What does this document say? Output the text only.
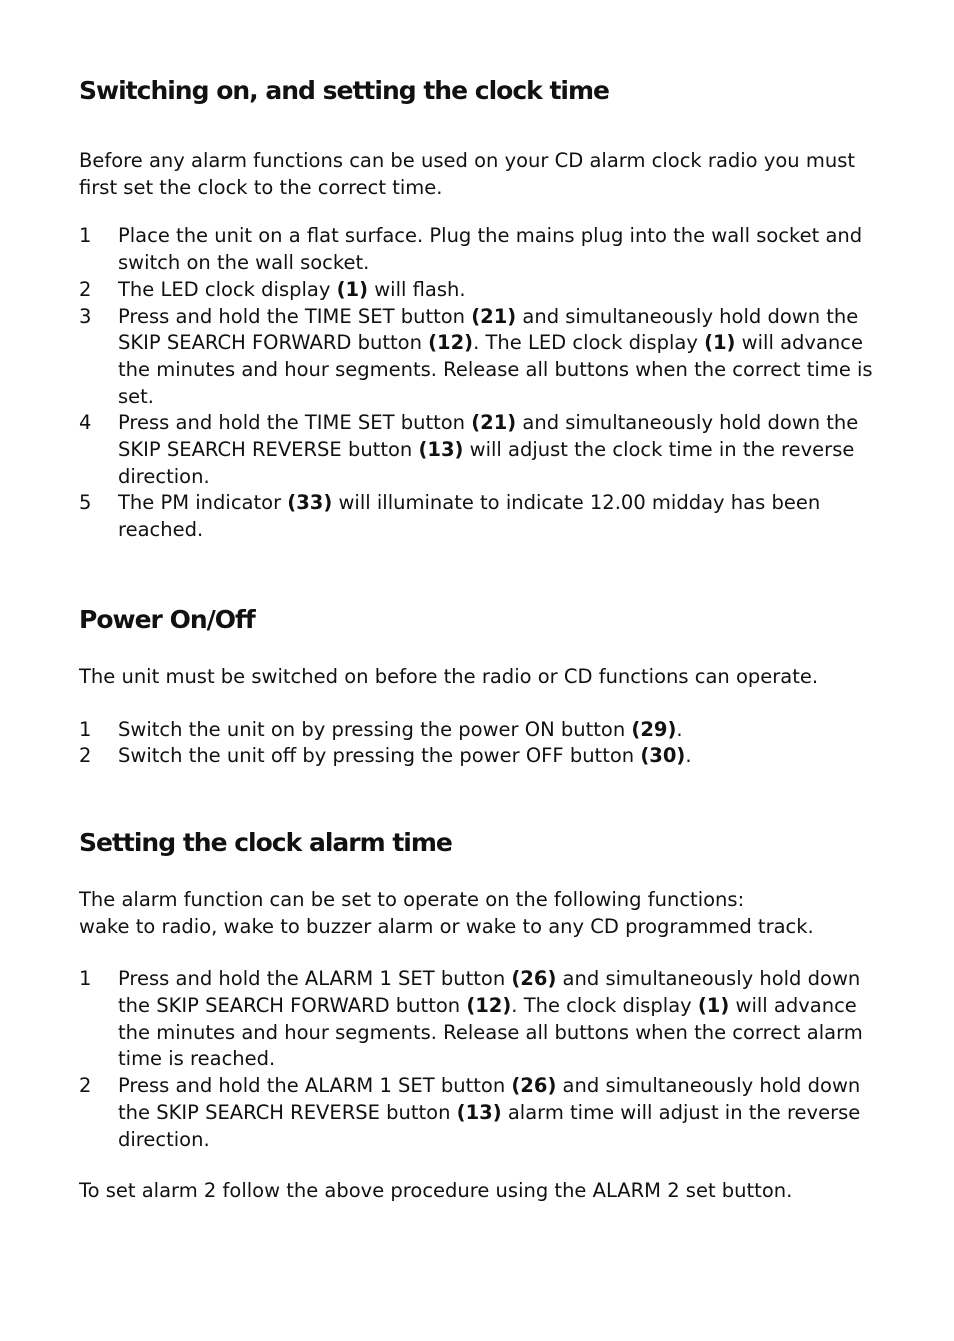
Switching on, and setting the clock time

Before any alarm functions can be used on your CD alarm clock radio you must first set the clock to the correct time.

1 Place the unit on a flat surface. Plug the mains plug into the wall socket and switch on the wall socket.
2 The LED clock display (1) will flash.
3 Press and hold the TIME SET button (21) and simultaneously hold down the SKIP SEARCH FORWARD button (12). The LED clock display (1) will advance the minutes and hour segments. Release all buttons when the correct time is set.
4 Press and hold the TIME SET button (21) and simultaneously hold down the SKIP SEARCH REVERSE button (13) will adjust the clock time in the reverse direction.
5 The PM indicator (33) will illuminate to indicate 12.00 midday has been reached.
Power On/Off

The unit must be switched on before the radio or CD functions can operate.

1 Switch the unit on by pressing the power ON button (29).
2 Switch the unit off by pressing the power OFF button (30).
Setting the clock alarm time

The alarm function can be set to operate on the following functions:
wake to radio, wake to buzzer alarm or wake to any CD programmed track.

1 Press and hold the ALARM 1 SET button (26) and simultaneously hold down the SKIP SEARCH FORWARD button (12). The clock display (1) will advance the minutes and hour segments. Release all buttons when the correct alarm time is reached.
2 Press and hold the ALARM 1 SET button (26) and simultaneously hold down the SKIP SEARCH REVERSE button (13) alarm time will adjust in the reverse direction.

To set alarm 2 follow the above procedure using the ALARM 2 set button.
